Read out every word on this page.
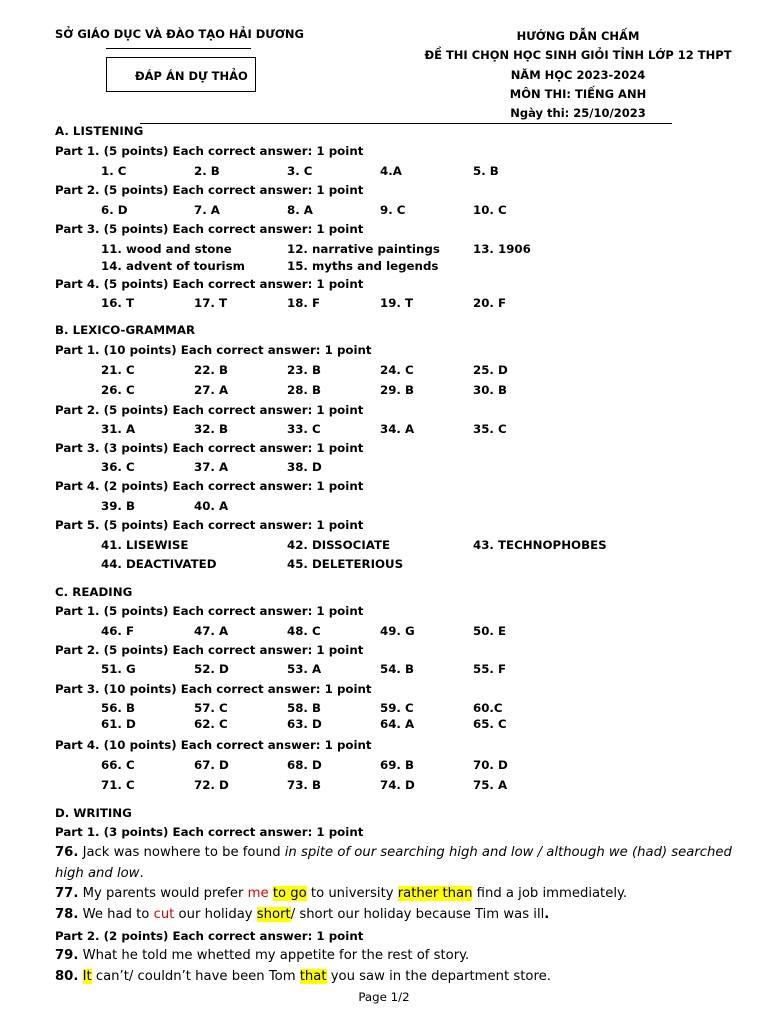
SỞ GIÁO DỤC VÀ ĐÀO TẠO HẢI DƯƠNG
ĐÁP ÁN DỰ THẢO
HƯỚNG DẪN CHẤM
ĐỀ THI CHỌN HỌC SINH GIỎI TỈNH LỚP 12 THPT
NĂM HỌC 2023-2024
MÔN THI: TIẾNG ANH
Ngày thi: 25/10/2023
A. LISTENING
Part 1. (5 points) Each correct answer: 1 point
1. C	2. B	3. C	4.A	5. B
Part 2. (5 points) Each correct answer: 1 point
6. D	7. A	8. A	9. C	10. C
Part 3. (5 points) Each correct answer: 1 point
11. wood and stone	12. narrative paintings	13. 1906
14. advent of tourism	15. myths and legends
Part 4. (5 points) Each correct answer: 1 point
16. T	17. T	18. F	19. T	20. F
B. LEXICO-GRAMMAR
Part 1. (10 points) Each correct answer: 1 point
21. C	22. B	23. B	24. C	25. D
26. C	27. A	28. B	29. B	30. B
Part 2. (5 points) Each correct answer: 1 point
31. A	32. B	33. C	34. A	35. C
Part 3. (3 points) Each correct answer: 1 point
36. C	37. A	38. D
Part 4. (2 points) Each correct answer: 1 point
39. B	40. A
Part 5. (5 points) Each correct answer: 1 point
41. LISEWISE	42. DISSOCIATE	43. TECHNOPHOBES
44. DEACTIVATED	45. DELETERIOUS
C. READING
Part 1. (5 points) Each correct answer: 1 point
46. F	47. A	48. C	49. G	50. E
Part 2. (5 points) Each correct answer: 1 point
51. G	52. D	53. A	54. B	55. F
Part 3. (10 points) Each correct answer: 1 point
56. B	57. C	58. B	59. C	60.C
61. D	62. C	63. D	64. A	65. C
Part 4. (10 points) Each correct answer: 1 point
66. C	67. D	68. D	69. B	70. D
71. C	72. D	73. B	74. D	75. A
D. WRITING
Part 1. (3 points) Each correct answer: 1 point
76. Jack was nowhere to be found in spite of our searching high and low / although we (had) searched high and low.
77. My parents would prefer me to go to university rather than find a job immediately.
78. We had to cut our holiday short/ short our holiday because Tim was ill.
Part 2. (2 points) Each correct answer: 1 point
79. What he told me whetted my appetite for the rest of story.
80. It can’t/ couldn’t have been Tom that you saw in the department store.
Page 1/2
